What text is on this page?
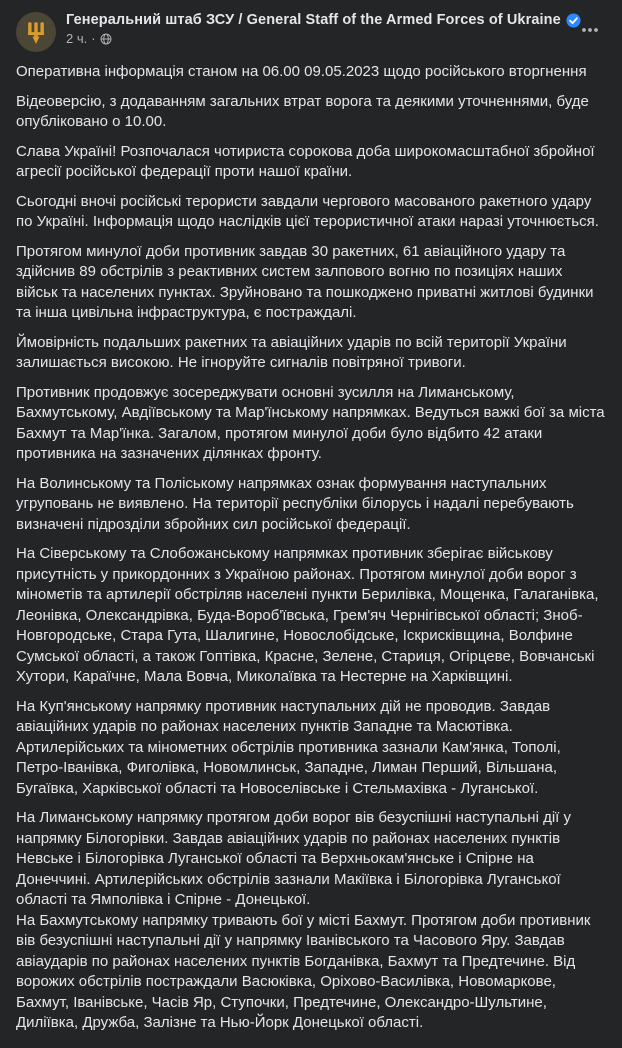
Генеральний штаб ЗСУ / General Staff of the Armed Forces of Ukraine
2 ч. ·

Оперативна інформація станом на 06.00 09.05.2023 щодо російського вторгнення

Відеоверсію, з додаванням загальних втрат ворога та деякими уточненнями, буде опубліковано о 10.00.

Слава Україні! Розпочалася чотириста сорокова доба широкомасштабної збройної агресії російської федерації проти нашої країни.

Сьогодні вночі російські терористи завдали чергового масованого ракетного удару по Україні. Інформація щодо наслідків цієї терористичної атаки наразі уточнюється.

Протягом минулої доби противник завдав 30 ракетних, 61 авіаційного удару та здійснив 89 обстрілів з реактивних систем залпового вогню по позиціях наших військ та населених пунктах. Зруйновано та пошкоджено приватні житлові будинки та інша цивільна інфраструктура, є постраждалі.

Ймовірність подальших ракетних та авіаційних ударів по всій території України залишається високою. Не ігноруйте сигналів повітряної тривоги.

Противник продовжує зосереджувати основні зусилля на Лиманському, Бахмутському, Авдіївському та Мар'їнському напрямках. Ведуться важкі бої за міста Бахмут та Мар'їнка. Загалом, протягом минулої доби було відбито 42 атаки противника на зазначених ділянках фронту.

На Волинському та Поліському напрямках ознак формування наступальних угруповань не виявлено. На території республіки білорусь і надалі перебувають визначені підрозділи збройних сил російської федерації.

На Сіверському та Слобожанському напрямках противник зберігає військову присутність у прикордонних з Україною районах. Протягом минулої доби ворог з мінометів та артилерії обстріляв населені пункти Берилівка, Мощенка, Галаганівка, Леонівка, Олександрівка, Буда-Вороб'ївська, Грем'яч Чернігівської області; Зноб-Новгородське, Стара Гута, Шалигине, Новослобідське, Іскрисківщина, Волфине Сумської області, а також Гоптівка, Красне, Зелене, Стариця, Огірцеве, Вовчанські Хутори, Караїчне, Мала Вовча, Миколаївка та Нестерне на Харківщині.

На Куп'янському напрямку противник наступальних дій не проводив. Завдав авіаційних ударів по районах населених пунктів Западне та Масютівка. Артилерійських та мінометних обстрілів противника зазнали Кам'янка, Тополі, Петро-Іванівка, Фиголівка, Новомлинськ, Западне, Лиман Перший, Вільшана, Бугаївка, Харківської області та Новоселівське і Стельмахівка - Луганської.

На Лиманському напрямку протягом доби ворог вів безуспішні наступальні дії у напрямку Білогорівки. Завдав авіаційних ударів по районах населених пунктів Невське і Білогорівка Луганської області та Верхньокам'янське і Спірне на Донеччині. Артилерійських обстрілів зазнали Макіївка і Білогорівка Луганської області та Ямполівка і Спірне - Донецької.

На Бахмутському напрямку тривають бої у місті Бахмут. Протягом доби противник вів безуспішні наступальні дії у напрямку Іванівського та Часового Яру. Завдав авіаударів по районах населених пунктів Богданівка, Бахмут та Предтечине. Від ворожих обстрілів постраждали Васюківка, Оріхово-Василівка, Новомаркове, Бахмут, Іванівське, Часів Яр, Ступочки, Предтечине, Олександро-Шультине, Диліївка, Дружба, Залізне та Нью-Йорк Донецької області.
